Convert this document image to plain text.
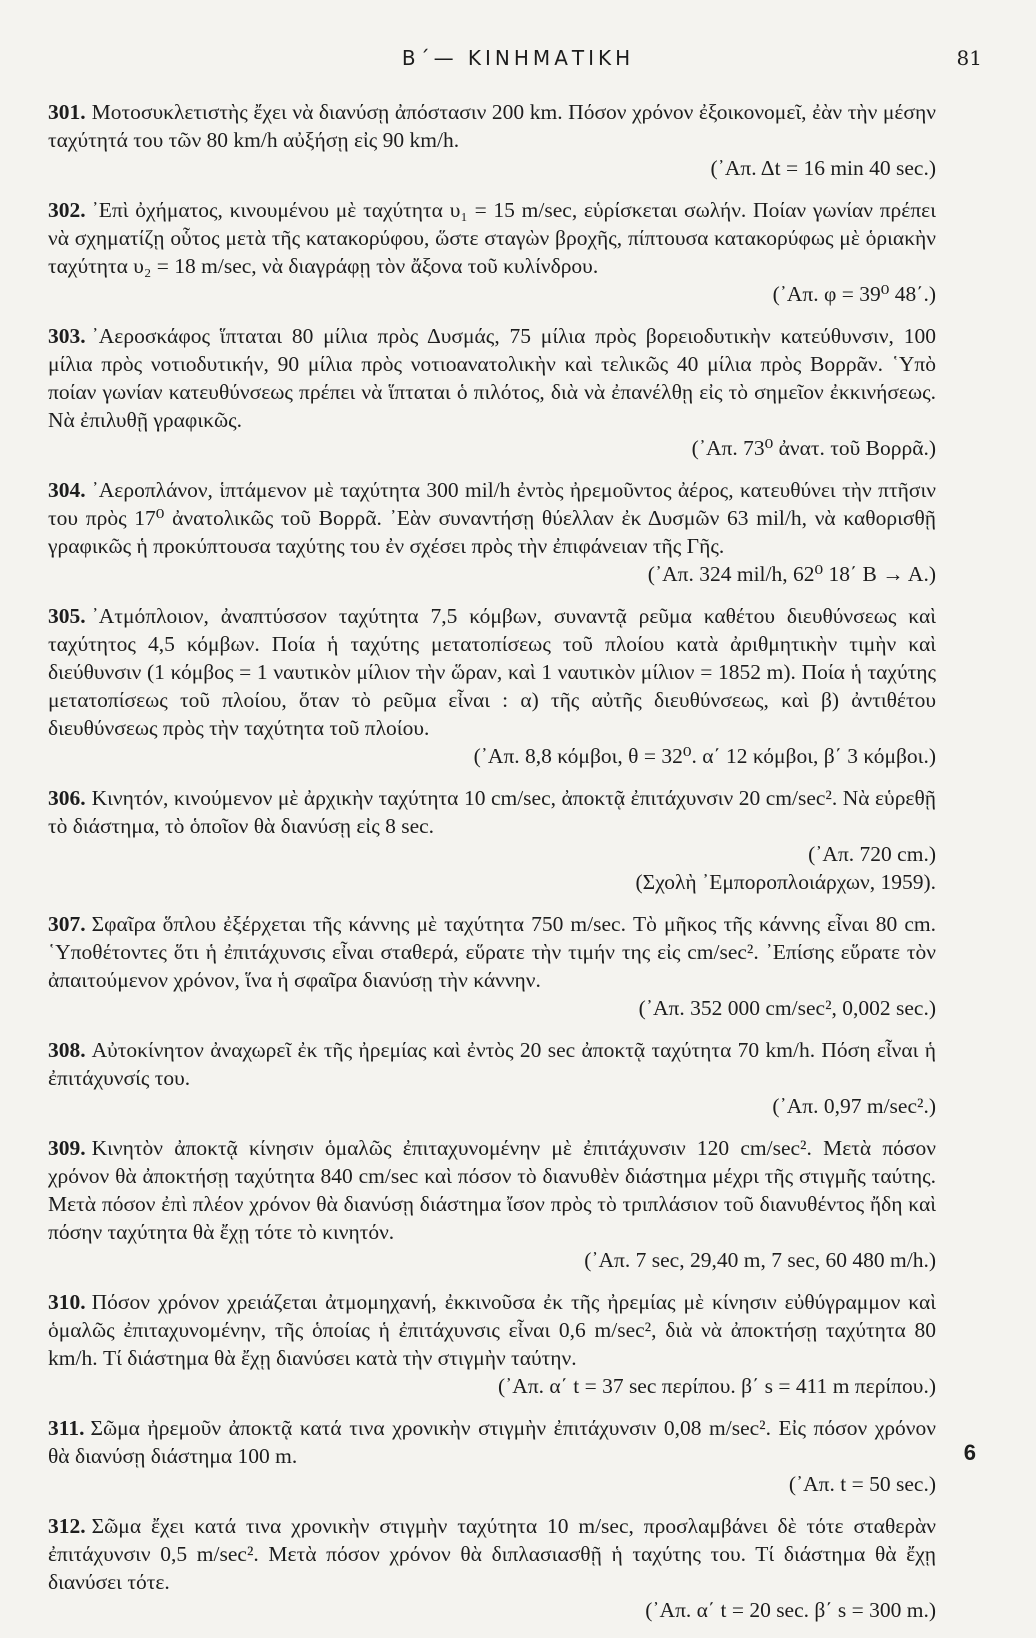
Β΄— ΚΙΝΗΜΑΤΙΚΗ	81
301. Μοτοσυκλετιστὴς ἔχει νὰ διανύσῃ ἀπόστασιν 200 km. Πόσον χρόνον ἐξοικονομεῖ, ἐὰν τὴν μέσην ταχύτητά του τῶν 80 km/h αὐξήσῃ εἰς 90 km/h.
(᾿Απ. Δt = 16 min 40 sec.)
302. ᾿Επὶ ὀχήματος, κινουμένου μὲ ταχύτητα υ₁ = 15 m/sec, εὑρίσκεται σωλήν. Ποίαν γωνίαν πρέπει νὰ σχηματίζῃ οὗτος μετὰ τῆς κατακορύφου, ὥστε σταγὼν βροχῆς, πίπτουσα κατακορύφως μὲ ὁριακὴν ταχύτητα υ₂ = 18 m/sec, νὰ διαγράφῃ τὸν ἄξονα τοῦ κυλίνδρου.
(᾿Απ. φ = 39⁰ 48΄.)
303. ᾿Αεροσκάφος ἵπταται 80 μίλια πρὸς Δυσμάς, 75 μίλια πρὸς βορειοδυτικὴν κατεύθυνσιν, 100 μίλια πρὸς νοτιοδυτικήν, 90 μίλια πρὸς νοτιοανατολικὴν καὶ τελικῶς 40 μίλια πρὸς Βορρᾶν. ῾Υπὸ ποίαν γωνίαν κατευθύνσεως πρέπει νὰ ἵπταται ὁ πιλότος, διὰ νὰ ἐπανέλθῃ εἰς τὸ σημεῖον ἐκκινήσεως. Νὰ ἐπιλυθῇ γραφικῶς.
(᾿Απ. 73⁰ ἀνατ. τοῦ Βορρᾶ.)
304. ᾿Αεροπλάνον, ἱπτάμενον μὲ ταχύτητα 300 mil/h ἐντὸς ἠρεμοῦντος ἀέρος, κατευθύνει τὴν πτῆσιν του πρὸς 17⁰ ἀνατολικῶς τοῦ Βορρᾶ. ᾿Εὰν συναντήσῃ θύελλαν ἐκ Δυσμῶν 63 mil/h, νὰ καθορισθῇ γραφικῶς ἡ προκύπτουσα ταχύτης του ἐν σχέσει πρὸς τὴν ἐπιφάνειαν τῆς Γῆς.
(᾿Απ. 324 mil/h, 62⁰ 18΄ Β → Α.)
305. ᾿Ατμόπλοιον, ἀναπτύσσον ταχύτητα 7,5 κόμβων, συναντᾷ ρεῦμα καθέτου διευθύνσεως καὶ ταχύτητος 4,5 κόμβων. Ποία ἡ ταχύτης μετατοπίσεως τοῦ πλοίου κατὰ ἀριθμητικὴν τιμὴν καὶ διεύθυνσιν (1 κόμβος = 1 ναυτικὸν μίλιον τὴν ὥραν, καὶ 1 ναυτικὸν μίλιον = 1852 m). Ποία ἡ ταχύτης μετατοπίσεως τοῦ πλοίου, ὅταν τὸ ρεῦμα εἶναι : α) τῆς αὐτῆς διευθύνσεως, καὶ β) ἀντιθέτου διευθύνσεως πρὸς τὴν ταχύτητα τοῦ πλοίου.
(᾿Απ. 8,8 κόμβοι, θ = 32⁰. α΄ 12 κόμβοι, β΄ 3 κόμβοι.)
306. Κινητόν, κινούμενον μὲ ἀρχικὴν ταχύτητα 10 cm/sec, ἀποκτᾷ ἐπιτάχυνσιν 20 cm/sec². Νὰ εὑρεθῇ τὸ διάστημα, τὸ ὁποῖον θὰ διανύσῃ εἰς 8 sec.
(᾿Απ. 720 cm.)
(Σχολὴ ᾿Εμποροπλοιάρχων, 1959).
307. Σφαῖρα ὅπλου ἐξέρχεται τῆς κάννης μὲ ταχύτητα 750 m/sec. Τὸ μῆκος τῆς κάννης εἶναι 80 cm. ῾Υποθέτοντες ὅτι ἡ ἐπιτάχυνσις εἶναι σταθερά, εὕρατε τὴν τιμήν της εἰς cm/sec². ᾿Επίσης εὕρατε τὸν ἀπαιτούμενον χρόνον, ἵνα ἡ σφαῖρα διανύσῃ τὴν κάννην.
(᾿Απ. 352 000 cm/sec², 0,002 sec.)
308. Αὐτοκίνητον ἀναχωρεῖ ἐκ τῆς ἠρεμίας καὶ ἐντὸς 20 sec ἀποκτᾷ ταχύτητα 70 km/h. Πόση εἶναι ἡ ἐπιτάχυνσίς του.
(᾿Απ. 0,97 m/sec².)
309. Κινητὸν ἀποκτᾷ κίνησιν ὁμαλῶς ἐπιταχυνομένην μὲ ἐπιτάχυνσιν 120 cm/sec². Μετὰ πόσον χρόνον θὰ ἀποκτήσῃ ταχύτητα 840 cm/sec καὶ πόσον τὸ διανυθὲν διάστημα μέχρι τῆς στιγμῆς ταύτης. Μετὰ πόσον ἐπὶ πλέον χρόνον θὰ διανύσῃ διάστημα ἴσον πρὸς τὸ τριπλάσιον τοῦ διανυθέντος ἤδη καὶ πόσην ταχύτητα θὰ ἔχῃ τότε τὸ κινητόν.
(᾿Απ. 7 sec, 29,40 m, 7 sec, 60 480 m/h.)
310. Πόσον χρόνον χρειάζεται ἀτμομηχανή, ἐκκινοῦσα ἐκ τῆς ἠρεμίας μὲ κίνησιν εὐθύγραμμον καὶ ὁμαλῶς ἐπιταχυνομένην, τῆς ὁποίας ἡ ἐπιτάχυνσις εἶναι 0,6 m/sec², διὰ νὰ ἀποκτήσῃ ταχύτητα 80 km/h. Τί διάστημα θὰ ἔχῃ διανύσει κατὰ τὴν στιγμὴν ταύτην.
(᾿Απ. α΄ t = 37 sec περίπου. β΄ s = 411 m περίπου.)
311. Σῶμα ἠρεμοῦν ἀποκτᾷ κατά τινα χρονικὴν στιγμὴν ἐπιτάχυνσιν 0,08 m/sec². Εἰς πόσον χρόνον θὰ διανύσῃ διάστημα 100 m.
(᾿Απ. t = 50 sec.)
312. Σῶμα ἔχει κατά τινα χρονικὴν στιγμὴν ταχύτητα 10 m/sec, προσλαμβάνει δὲ τότε σταθερὰν ἐπιτάχυνσιν 0,5 m/sec². Μετὰ πόσον χρόνον θὰ διπλασιασθῇ ἡ ταχύτης του. Τί διάστημα θὰ ἔχῃ διανύσει τότε.
(᾿Απ. α΄ t = 20 sec. β΄ s = 300 m.)
6
